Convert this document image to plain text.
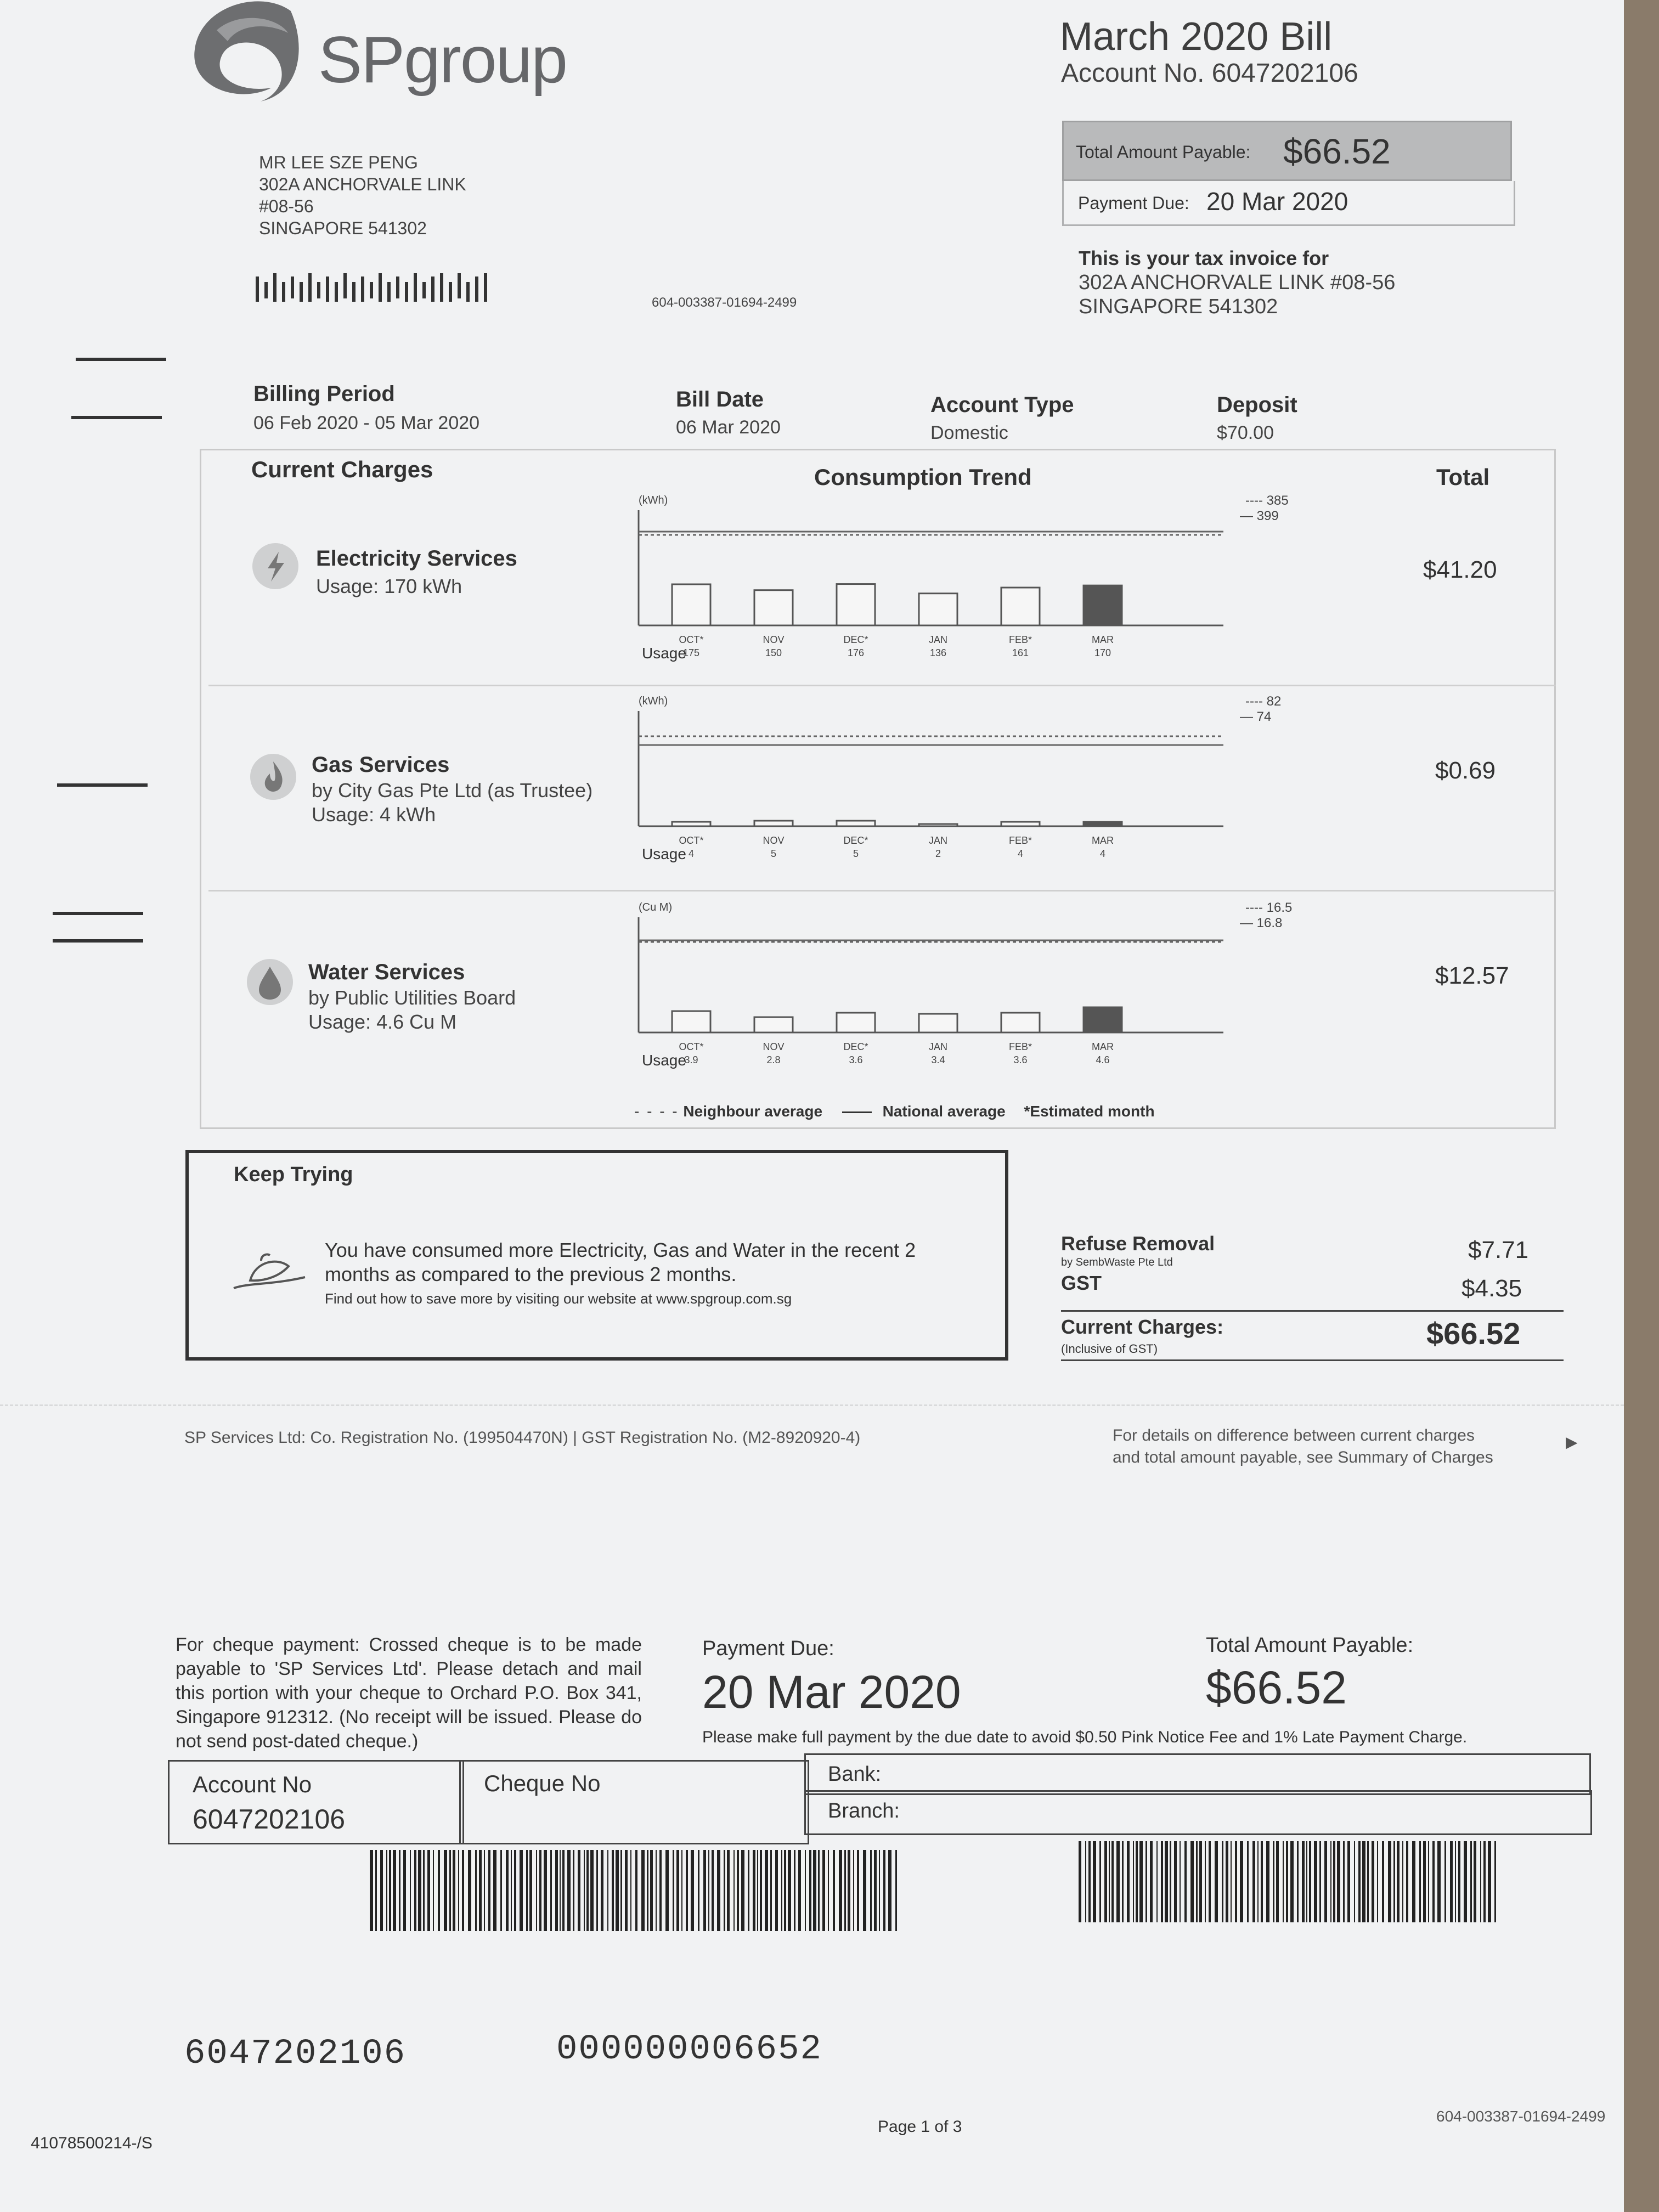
SPgroup	March 2020 Bill
Account No. 6047202106
Total Amount Payable: $66.52
Payment Due: 20 Mar 2020
This is your tax invoice for
302A ANCHORVALE LINK #08-56
SINGAPORE 541302
MR LEE SZE PENG
302A ANCHORVALE LINK
#08-56
SINGAPORE 541302
604-003387-01694-2499
Billing Period
06 Feb 2020 - 05 Mar 2020
Bill Date
06 Mar 2020
Account Type
Domestic
Deposit
$70.00
Current Charges	Consumption Trend	Total
Electricity Services
Usage: 170 kWh
$41.20
Gas Services
by City Gas Pte Ltd (as Trustee)
Usage: 4 kWh
$0.69
Water Services
by Public Utilities Board
Usage: 4.6 Cu M
$12.57
(kWh)	---- 385
— 399
OCT*
175
NOV
150
DEC*
176
JAN
136
FEB*
161
MAR
170
Usage
(kWh)	---- 82
— 74
OCT*
4
NOV
5
DEC*
5
JAN
2
FEB*
4
MAR
4
Usage
(Cu M)	---- 16.5
— 16.8
OCT*
3.9
NOV
2.8
DEC*
3.6
JAN
3.4
FEB*
3.6
MAR
4.6
Usage
- - - - Neighbour average	National average *Estimated month
Keep Trying
You have consumed more Electricity, Gas and Water in the recent 2
months as compared to the previous 2 months.
Find out how to save more by visiting our website at www.spgroup.com.sg
Refuse Removal
by SembWaste Pte Ltd	$7.71
GST	$4.35
Current Charges:
(Inclusive of GST)	$66.52
SP Services Ltd: Co. Registration No. (199504470N) | GST Registration No. (M2-8920920-4)	For details on difference between current charges
and total amount payable, see Summary of Charges
▶
For cheque payment: Crossed cheque is to be made payable to 'SP Services Ltd'. Please detach and mail this portion with your cheque to Orchard P.O. Box 341, Singapore 912312. (No receipt will be issued. Please do not send post-dated cheque.)
Payment Due:
20 Mar 2020
Total Amount Payable:
$66.52
Please make full payment by the due date to avoid $0.50 Pink Notice Fee and 1% Late Payment Charge.
Account No
6047202106
Cheque No	Bank:
Branch:
6047202106	000000006652
Page 1 of 3
41078500214-/S
604-003387-01694-2499
